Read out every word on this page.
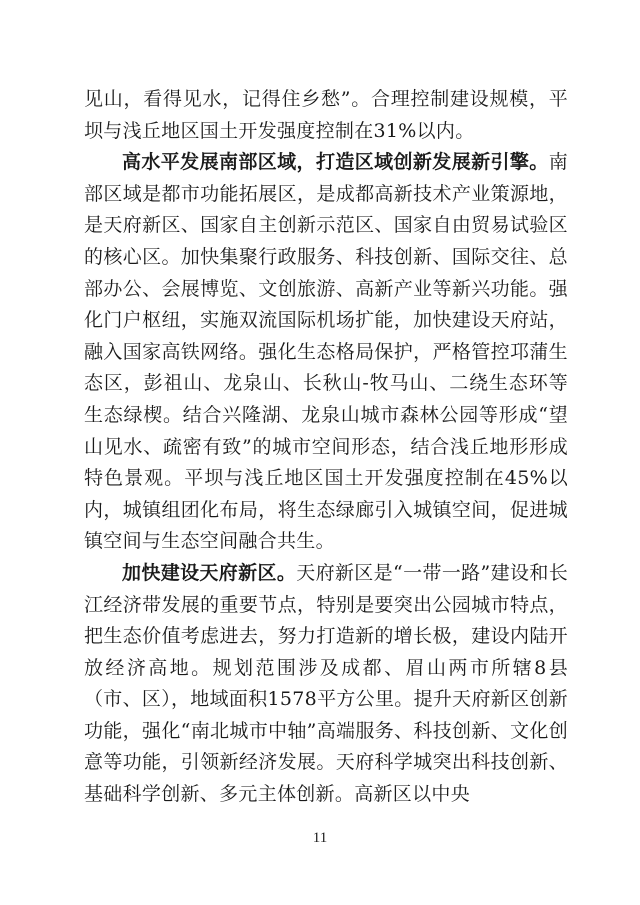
见山，看得见水，记得住乡愁”。合理控制建设规模，平坝与浅丘地区国土开发强度控制在31%以内。

高水平发展南部区域，打造区域创新发展新引擎。南部区域是都市功能拓展区，是成都高新技术产业策源地，是天府新区、国家自主创新示范区、国家自由贸易试验区的核心区。加快集聚行政服务、科技创新、国际交往、总部办公、会展博览、文创旅游、高新产业等新兴功能。强化门户枢纽，实施双流国际机场扩能，加快建设天府站，融入国家高铁网络。强化生态格局保护，严格管控邛蒲生态区，彭祖山、龙泉山、长秋山-牧马山、二绕生态环等生态绿楔。结合兴隆湖、龙泉山城市森林公园等形成“望山见水、疏密有致”的城市空间形态，结合浅丘地形形成特色景观。平坝与浅丘地区国土开发强度控制在45%以内，城镇组团化布局，将生态绿廊引入城镇空间，促进城镇空间与生态空间融合共生。

加快建设天府新区。天府新区是“一带一路”建设和长江经济带发展的重要节点，特别是要突出公园城市特点，把生态价值考虑进去，努力打造新的增长极，建设内陆开放经济高地。规划范围涉及成都、眉山两市所辖8县（市、区），地域面积1578平方公里。提升天府新区创新功能，强化“南北城市中轴”高端服务、科技创新、文化创意等功能，引领新经济发展。天府科学城突出科技创新、基础科学创新、多元主体创新。高新区以中央

11
